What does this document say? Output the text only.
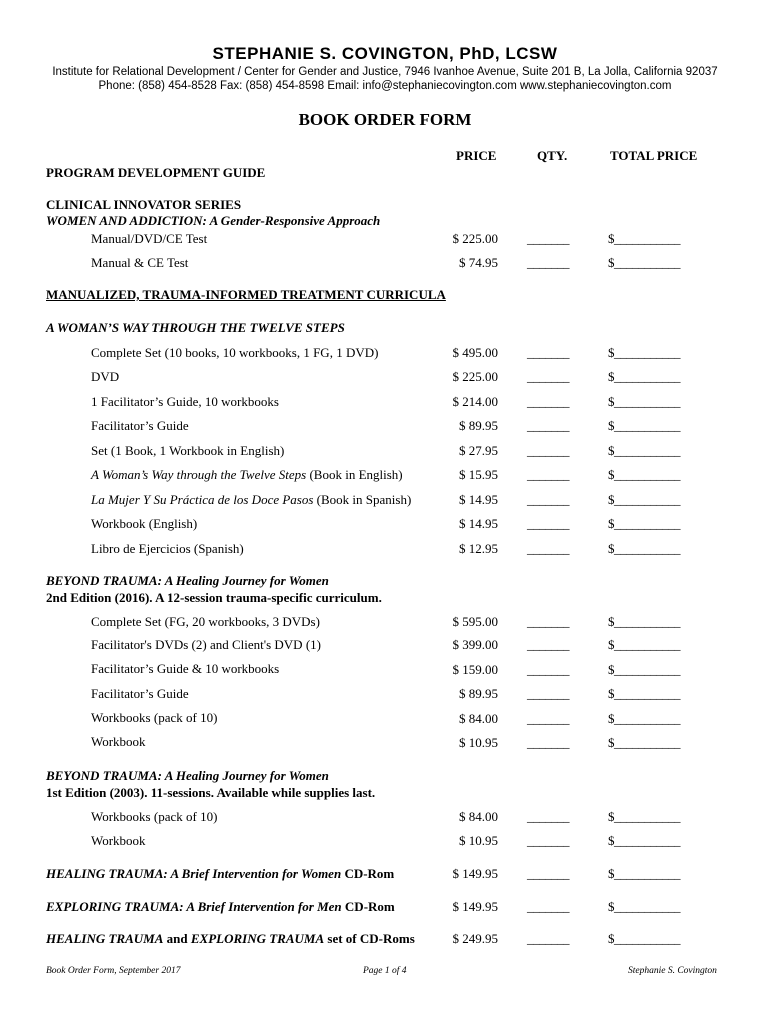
STEPHANIE S. COVINGTON, PhD, LCSW
Institute for Relational Development / Center for Gender and Justice, 7946 Ivanhoe Avenue, Suite 201 B, La Jolla, California 92037
Phone: (858) 454-8528 Fax: (858) 454-8598 Email: info@stephaniecovington.com www.stephaniecovington.com
BOOK ORDER FORM
PRICE	QTY.	TOTAL PRICE
PROGRAM DEVELOPMENT GUIDE
CLINICAL INNOVATOR SERIES
WOMEN AND ADDICTION: A Gender-Responsive Approach
Manual/DVD/CE Test	$ 225.00 _______	$___________
Manual & CE Test	$ 74.95 _______	$___________
MANUALIZED, TRAUMA-INFORMED TREATMENT CURRICULA
A WOMAN’S WAY THROUGH THE TWELVE STEPS
Complete Set (10 books, 10 workbooks, 1 FG, 1 DVD)	$ 495.00 _______	$___________
DVD	$ 225.00 _______	$___________
1 Facilitator’s Guide, 10 workbooks	$ 214.00 _______	$___________
Facilitator’s Guide	$ 89.95 _______	$___________
Set (1 Book, 1 Workbook in English)	$ 27.95 _______	$___________
A Woman’s Way through the Twelve Steps (Book in English)	$ 15.95 _______	$___________
La Mujer Y Su Práctica de los Doce Pasos (Book in Spanish)	$ 14.95 _______	$___________
Workbook (English)	$ 14.95 _______	$___________
Libro de Ejercicios (Spanish)	$ 12.95 _______	$___________
BEYOND TRAUMA: A Healing Journey for Women
2nd Edition (2016). A 12-session trauma-specific curriculum.
Complete Set (FG, 20 workbooks, 3 DVDs)	$ 595.00 _______	$___________
Facilitator's DVDs (2) and Client's DVD (1)	$ 399.00 _______	$___________
Facilitator’s Guide & 10 workbooks	$ 159.00 _______	$___________
Facilitator’s Guide	$ 89.95 _______	$___________
Workbooks (pack of 10)	$ 84.00 _______	$___________
Workbook	$ 10.95 _______	$___________
BEYOND TRAUMA: A Healing Journey for Women
1st Edition (2003). 11-sessions. Available while supplies last.
Workbooks (pack of 10)	$ 84.00 _______	$___________
Workbook	$ 10.95 _______	$___________
HEALING TRAUMA: A Brief Intervention for Women CD-Rom	$ 149.95 _______	$___________
EXPLORING TRAUMA: A Brief Intervention for Men CD-Rom	$ 149.95 _______	$___________
HEALING TRAUMA and EXPLORING TRAUMA set of CD-Roms	$ 249.95 _______	$___________
Book Order Form, September 2017	Page 1 of 4	Stephanie S. Covington
